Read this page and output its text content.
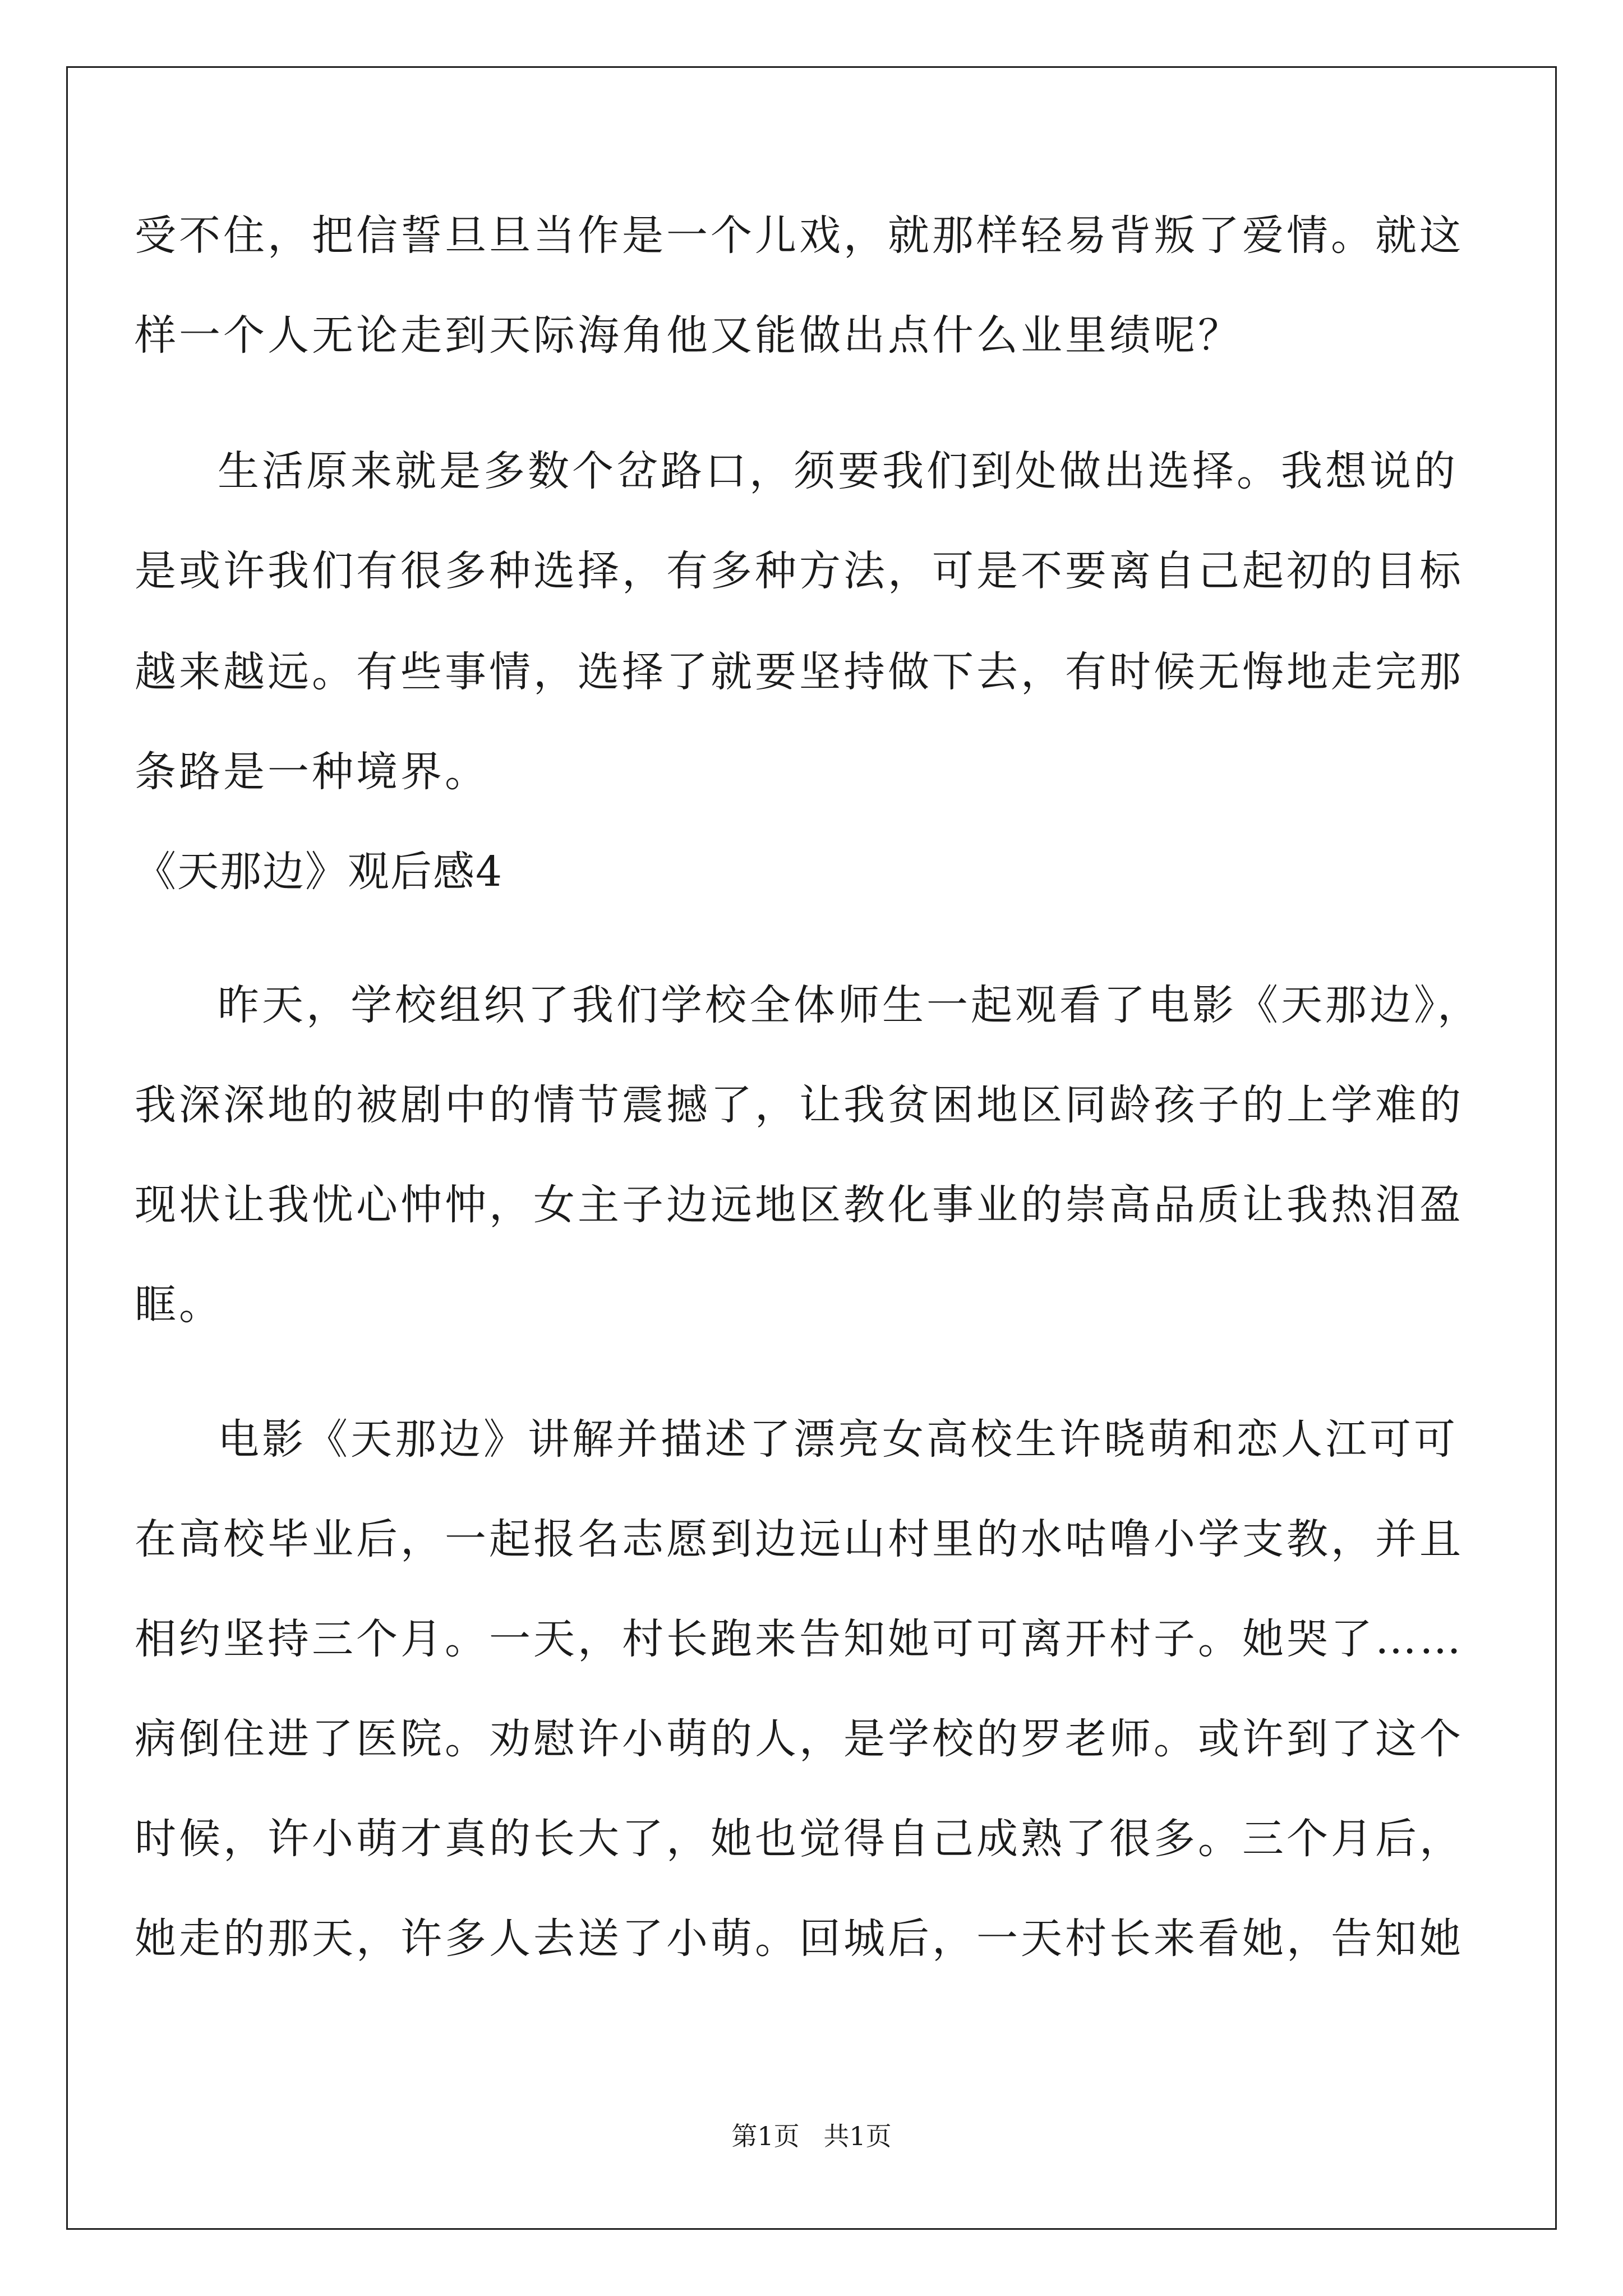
受不住，把信誓旦旦当作是一个儿戏，就那样轻易背叛了爱情。就这
样一个人无论走到天际海角他又能做出点什么业里绩呢？
生活原来就是多数个岔路口，须要我们到处做出选择。我想说的
是或许我们有很多种选择，有多种方法，可是不要离自己起初的目标
越来越远。有些事情，选择了就要坚持做下去，有时候无悔地走完那
条路是一种境界。
《天那边》观后感4
昨天，学校组织了我们学校全体师生一起观看了电影《天那边》，
我深深地的被剧中的情节震撼了，让我贫困地区同龄孩子的上学难的
现状让我忧心忡忡，女主子边远地区教化事业的崇高品质让我热泪盈
眶。
电影《天那边》讲解并描述了漂亮女高校生许晓萌和恋人江可可
在高校毕业后，一起报名志愿到边远山村里的水咕噜小学支教，并且
相约坚持三个月。一天，村长跑来告知她可可离开村子。她哭了……
病倒住进了医院。劝慰许小萌的人，是学校的罗老师。或许到了这个
时候，许小萌才真的长大了，她也觉得自己成熟了很多。三个月后，
她走的那天，许多人去送了小萌。回城后，一天村长来看她，告知她
第1页 共1页
